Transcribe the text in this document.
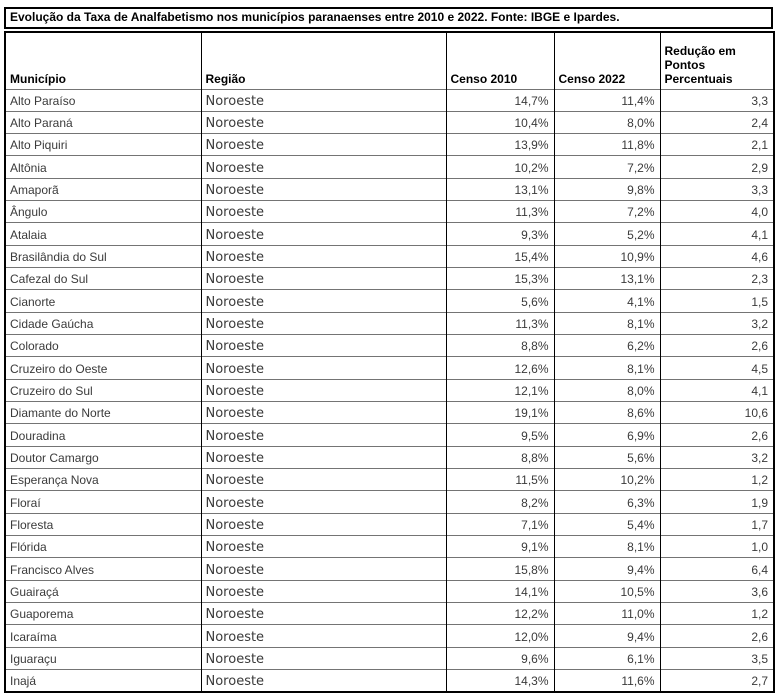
Evolução da Taxa de Analfabetismo nos municípios paranaenses entre 2010 e 2022. Fonte: IBGE e Ipardes.
Município	Região	Censo 2010	Censo 2022	Redução em Pontos Percentuais
Alto Paraíso	Noroeste	14,7%	11,4%	3,3
Alto Paraná	Noroeste	10,4%	8,0%	2,4
Alto Piquiri	Noroeste	13,9%	11,8%	2,1
Altônia	Noroeste	10,2%	7,2%	2,9
Amaporã	Noroeste	13,1%	9,8%	3,3
Ângulo	Noroeste	11,3%	7,2%	4,0
Atalaia	Noroeste	9,3%	5,2%	4,1
Brasilândia do Sul	Noroeste	15,4%	10,9%	4,6
Cafezal do Sul	Noroeste	15,3%	13,1%	2,3
Cianorte	Noroeste	5,6%	4,1%	1,5
Cidade Gaúcha	Noroeste	11,3%	8,1%	3,2
Colorado	Noroeste	8,8%	6,2%	2,6
Cruzeiro do Oeste	Noroeste	12,6%	8,1%	4,5
Cruzeiro do Sul	Noroeste	12,1%	8,0%	4,1
Diamante do Norte	Noroeste	19,1%	8,6%	10,6
Douradina	Noroeste	9,5%	6,9%	2,6
Doutor Camargo	Noroeste	8,8%	5,6%	3,2
Esperança Nova	Noroeste	11,5%	10,2%	1,2
Floraí	Noroeste	8,2%	6,3%	1,9
Floresta	Noroeste	7,1%	5,4%	1,7
Flórida	Noroeste	9,1%	8,1%	1,0
Francisco Alves	Noroeste	15,8%	9,4%	6,4
Guairaçá	Noroeste	14,1%	10,5%	3,6
Guaporema	Noroeste	12,2%	11,0%	1,2
Icaraíma	Noroeste	12,0%	9,4%	2,6
Iguaraçu	Noroeste	9,6%	6,1%	3,5
Inajá	Noroeste	14,3%	11,6%	2,7
